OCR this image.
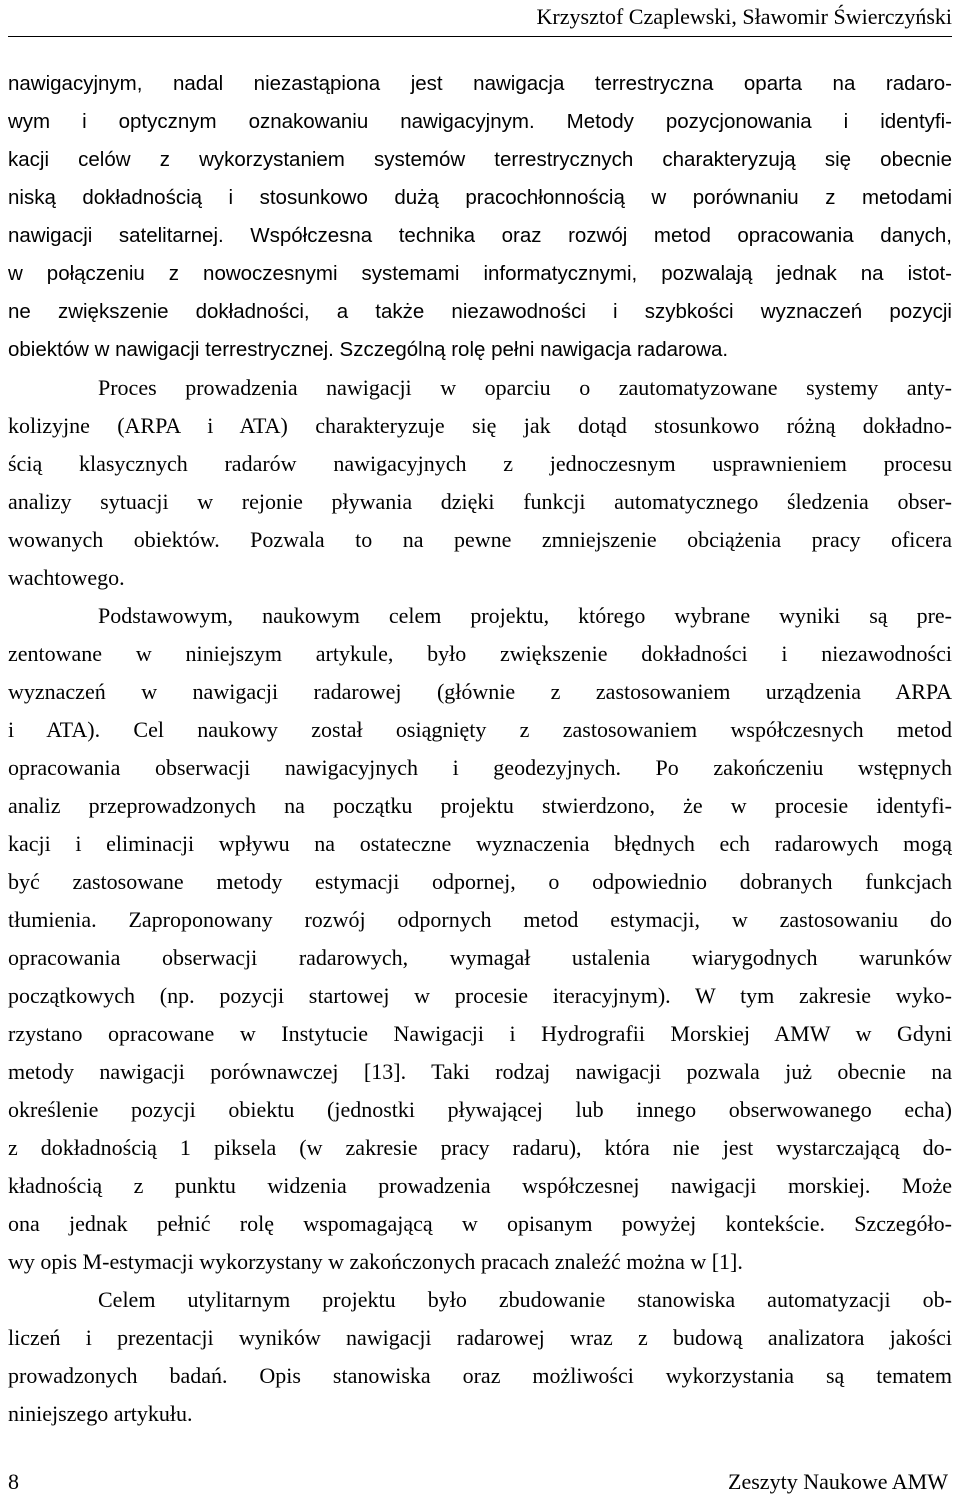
Krzysztof Czaplewski, Sławomir Świerczyński
nawigacyjnym, nadal niezastąpiona jest nawigacja terrestryczna oparta na radaro-
wym i optycznym oznakowaniu nawigacyjnym. Metody pozycjonowania i identyfi-
kacji celów z wykorzystaniem systemów terrestrycznych charakteryzują się obecnie
niską dokładnością i stosunkowo dużą pracochłonnością w porównaniu z metodami
nawigacji satelitarnej. Współczesna technika oraz rozwój metod opracowania danych,
w połączeniu z nowoczesnymi systemami informatycznymi, pozwalają jednak na istot-
ne zwiększenie dokładności, a także niezawodności i szybkości wyznaczeń pozycji
obiektów w nawigacji terrestrycznej. Szczególną rolę pełni nawigacja radarowa.
Proces prowadzenia nawigacji w oparciu o zautomatyzowane systemy anty-
kolizyjne (ARPA i ATA) charakteryzuje się jak dotąd stosunkowo różną dokładno-
ścią klasycznych radarów nawigacyjnych z jednoczesnym usprawnieniem procesu
analizy sytuacji w rejonie pływania dzięki funkcji automatycznego śledzenia obser-
wowanych obiektów. Pozwala to na pewne zmniejszenie obciążenia pracy oficera
wachtowego.
Podstawowym, naukowym celem projektu, którego wybrane wyniki są pre-
zentowane w niniejszym artykule, było zwiększenie dokładności i niezawodności
wyznaczeń w nawigacji radarowej (głównie z zastosowaniem urządzenia ARPA
i ATA). Cel naukowy został osiągnięty z zastosowaniem współczesnych metod
opracowania obserwacji nawigacyjnych i geodezyjnych. Po zakończeniu wstępnych
analiz przeprowadzonych na początku projektu stwierdzono, że w procesie identyfi-
kacji i eliminacji wpływu na ostateczne wyznaczenia błędnych ech radarowych mogą
być zastosowane metody estymacji odpornej, o odpowiednio dobranych funkcjach
tłumienia. Zaproponowany rozwój odpornych metod estymacji, w zastosowaniu do
opracowania obserwacji radarowych, wymagał ustalenia wiarygodnych warunków
początkowych (np. pozycji startowej w procesie iteracyjnym). W tym zakresie wyko-
rzystano opracowane w Instytucie Nawigacji i Hydrografii Morskiej AMW w Gdyni
metody nawigacji porównawczej [13]. Taki rodzaj nawigacji pozwala już obecnie na
określenie pozycji obiektu (jednostki pływającej lub innego obserwowanego echa)
z dokładnością 1 piksela (w zakresie pracy radaru), która nie jest wystarczającą do-
kładnością z punktu widzenia prowadzenia współczesnej nawigacji morskiej. Może
ona jednak pełnić rolę wspomagającą w opisanym powyżej kontekście. Szczegóło-
wy opis M-estymacji wykorzystany w zakończonych pracach znaleźć można w [1].
Celem utylitarnym projektu było zbudowanie stanowiska automatyzacji ob-
liczeń i prezentacji wyników nawigacji radarowej wraz z budową analizatora jakości
prowadzonych badań. Opis stanowiska oraz możliwości wykorzystania są tematem
niniejszego artykułu.
8	Zeszyty Naukowe AMW
